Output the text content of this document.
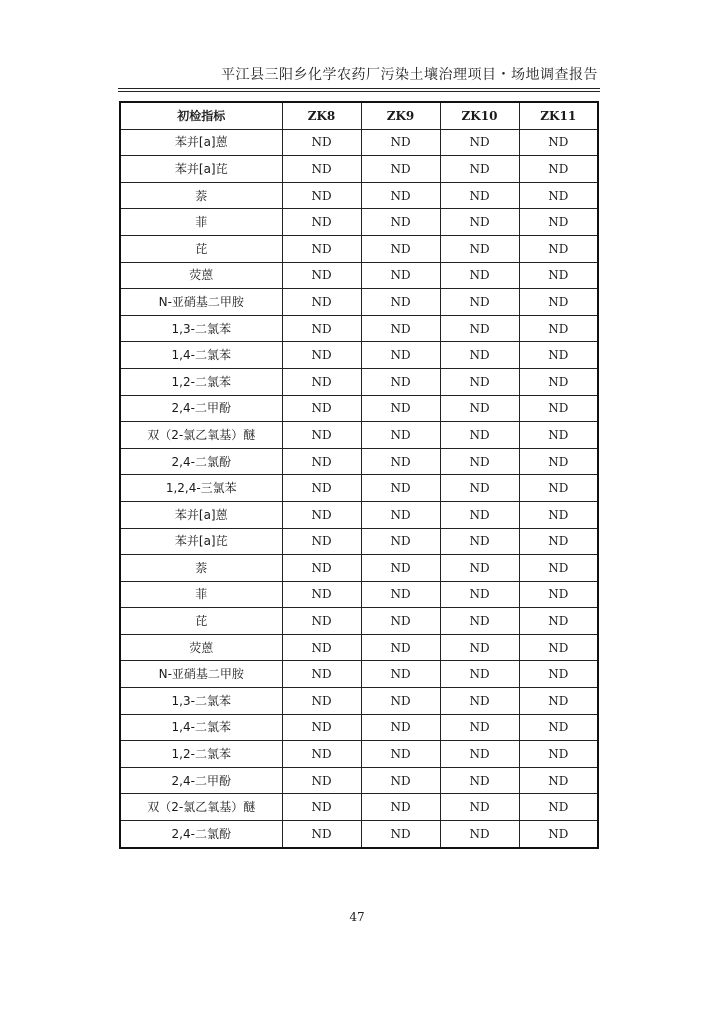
平江县三阳乡化学农药厂污染土壤治理项目・场地调查报告
初检指标	ZK8	ZK9	ZK10	ZK11
苯并[a]蒽	ND	ND	ND	ND
苯并[a]芘	ND	ND	ND	ND
萘	ND	ND	ND	ND
菲	ND	ND	ND	ND
芘	ND	ND	ND	ND
荧蒽	ND	ND	ND	ND
N-亚硝基二甲胺	ND	ND	ND	ND
1,3-二氯苯	ND	ND	ND	ND
1,4-二氯苯	ND	ND	ND	ND
1,2-二氯苯	ND	ND	ND	ND
2,4-二甲酚	ND	ND	ND	ND
双（2-氯乙氧基）醚	ND	ND	ND	ND
2,4-二氯酚	ND	ND	ND	ND
1,2,4-三氯苯	ND	ND	ND	ND
苯并[a]蒽	ND	ND	ND	ND
苯并[a]芘	ND	ND	ND	ND
萘	ND	ND	ND	ND
菲	ND	ND	ND	ND
芘	ND	ND	ND	ND
荧蒽	ND	ND	ND	ND
N-亚硝基二甲胺	ND	ND	ND	ND
1,3-二氯苯	ND	ND	ND	ND
1,4-二氯苯	ND	ND	ND	ND
1,2-二氯苯	ND	ND	ND	ND
2,4-二甲酚	ND	ND	ND	ND
双（2-氯乙氧基）醚	ND	ND	ND	ND
2,4-二氯酚	ND	ND	ND	ND
47
